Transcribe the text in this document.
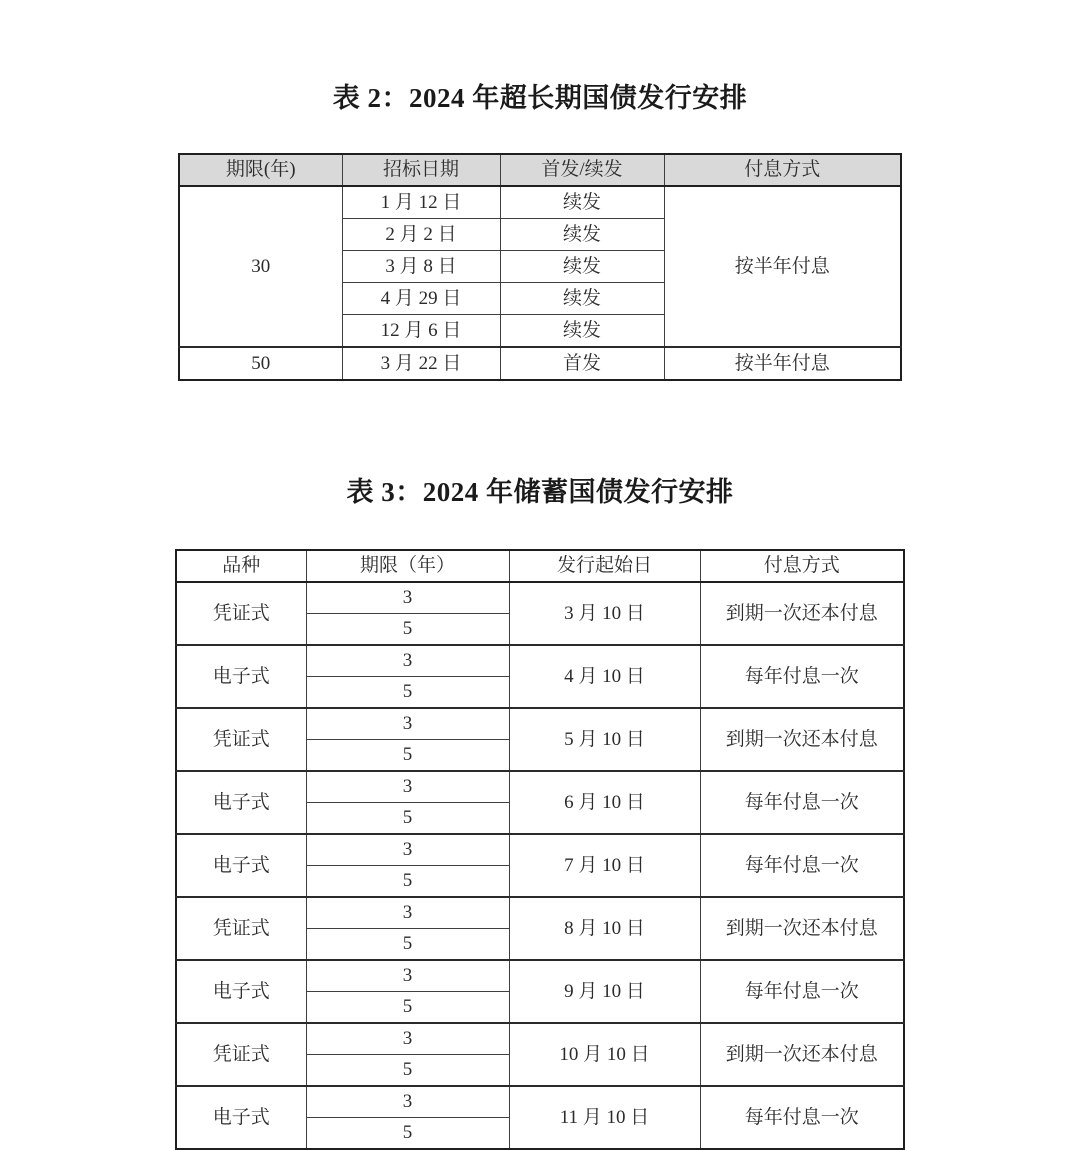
表 2：2024 年超长期国债发行安排
期限(年)	招标日期	首发/续发	付息方式
30	1 月 12 日	续发	按半年付息
	2 月 2 日	续发	
	3 月 8 日	续发	
	4 月 29 日	续发	
	12 月 6 日	续发	
50	3 月 22 日	首发	按半年付息
表 3：2024 年储蓄国债发行安排
品种	期限（年）	发行起始日	付息方式
凭证式	3	3 月 10 日	到期一次还本付息
	5		
电子式	3	4 月 10 日	每年付息一次
	5		
凭证式	3	5 月 10 日	到期一次还本付息
	5		
电子式	3	6 月 10 日	每年付息一次
	5		
电子式	3	7 月 10 日	每年付息一次
	5		
凭证式	3	8 月 10 日	到期一次还本付息
	5		
电子式	3	9 月 10 日	每年付息一次
	5		
凭证式	3	10 月 10 日	到期一次还本付息
	5		
电子式	3	11 月 10 日	每年付息一次
	5		
